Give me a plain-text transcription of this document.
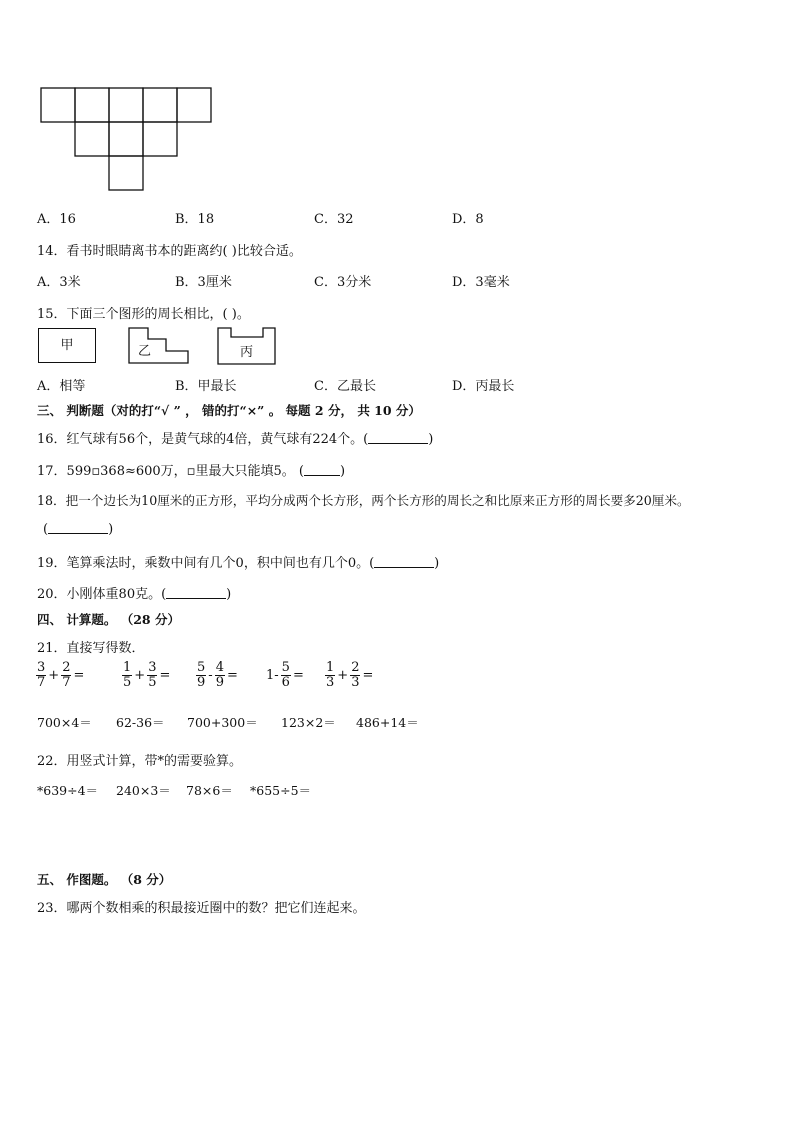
A．16	B．18	C．32	D．8
14．看书时眼睛离书本的距离约( )比较合适。
A．3米	B．3厘米	C．3分米	D．3毫米
15．下面三个图形的周长相比，( )。
甲	乙	丙
A．相等	B．甲最长	C．乙最长	D．丙最长
三、 判断题（对的打“√ ” ， 错的打“×” 。 每题 2 分， 共 10 分）
16．红气球有56个，是黄气球的4倍，黄气球有224个。(	)
17．599▫368≈600万，▫里最大只能填5。 (	)
18．把一个边长为10厘米的正方形，平均分成两个长方形，两个长方形的周长之和比原来正方形的周长要多20厘米。
(	)
19．笔算乘法时，乘数中间有几个0，积中间也有几个0。(	)
20．小刚体重80克。(	)
四、 计算题。 （28 分）
21．直接写得数．
3
$7 + \frac{2}{7}$ =
1
$5 + \frac{3}{5}$ =
5
$9 - \frac{4}{9} = 1- \frac{5}{6}$ =
1
$3 + \frac{2}{3}$ =
700×4＝ 62-36＝ 700+300＝ 123×2＝ 486+14＝
22．用竖式计算，带*的需要验算。
*639÷4＝ 240×3＝ 78×6＝ *655÷5＝
五、 作图题。 （8 分）
23．哪两个数相乘的积最接近圈中的数？把它们连起来。
